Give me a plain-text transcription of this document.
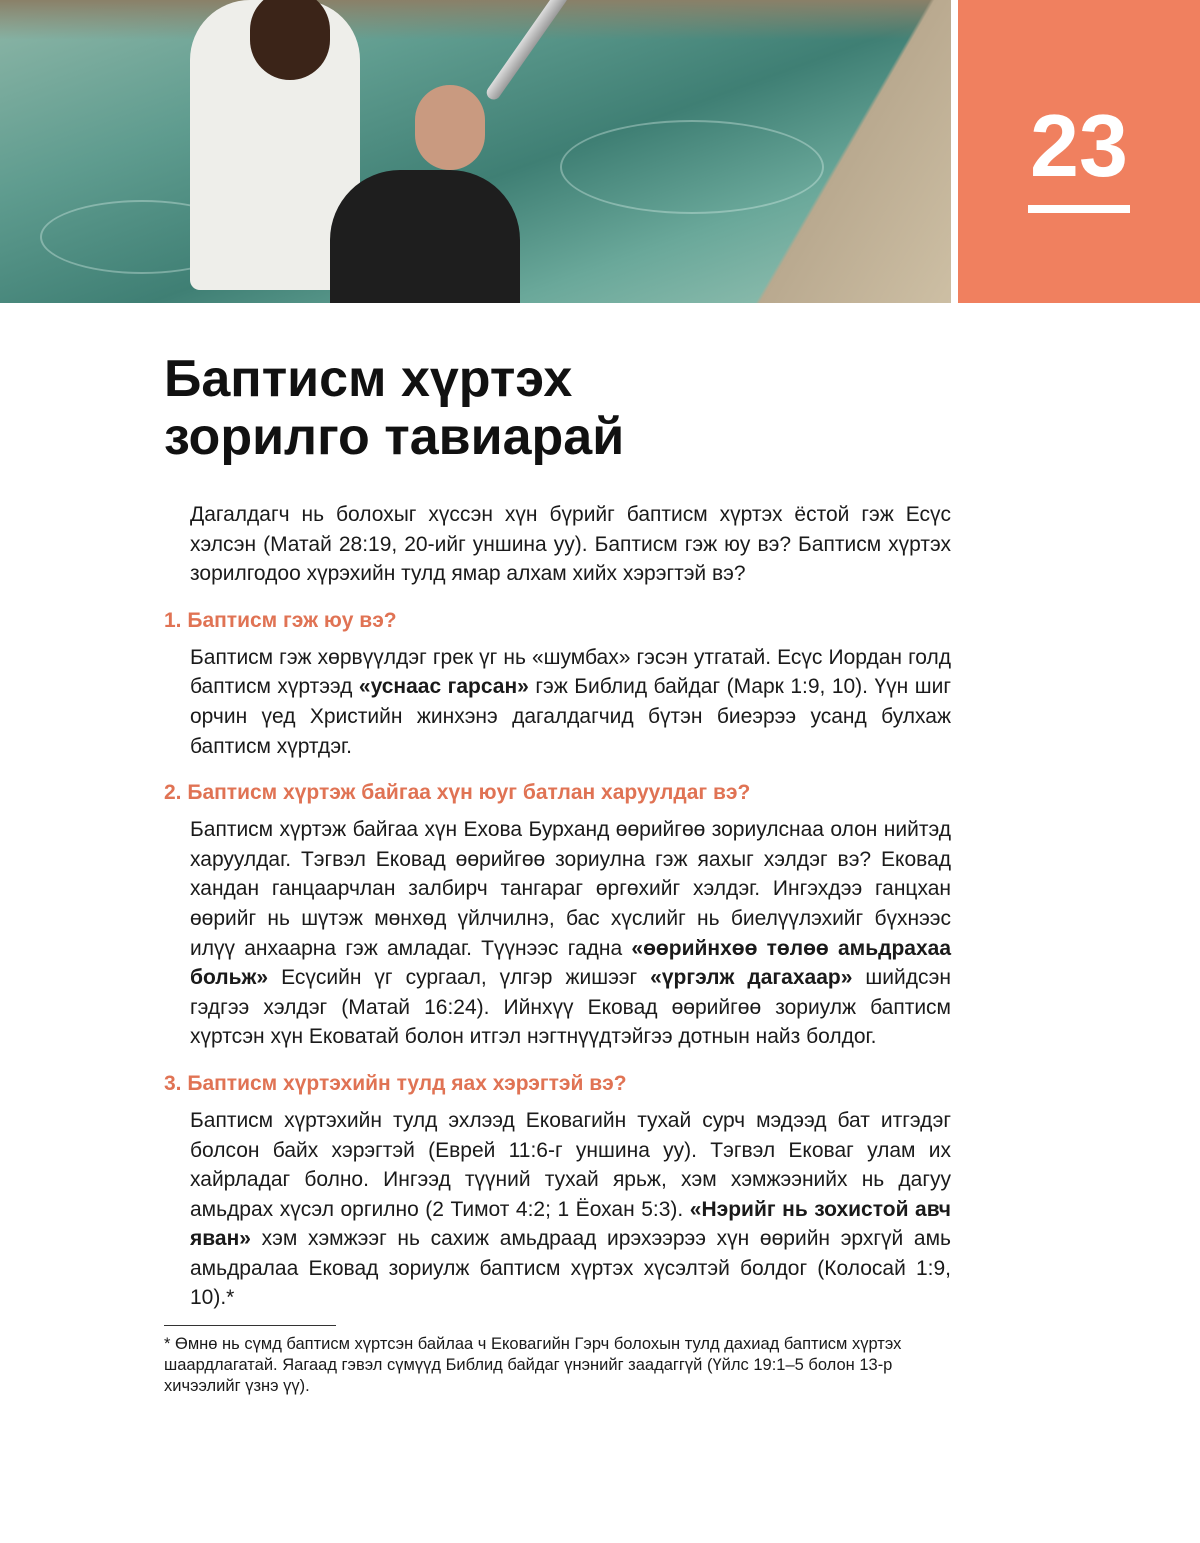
23
Баптисм хүртэх
зорилго тавиарай

Дагалдагч нь болохыг хүссэн хүн бүрийг баптисм хүртэх ёстой гэж Есүс хэлсэн (Матай 28:19, 20-ийг уншина уу). Баптисм гэж юу вэ? Баптисм хүртэх зорилгодоо хүрэхийн тулд ямар алхам хийх хэрэгтэй вэ?

1. Баптисм гэж юу вэ?

Баптисм гэж хөрвүүлдэг грек үг нь «шумбах» гэсэн утгатай. Есүс Иордан голд баптисм хүртээд «уснаас гарсан» гэж Библид байдаг (Марк 1:9, 10). Үүн шиг орчин үед Христийн жинхэнэ дагалдагчид бүтэн биеэрээ усанд булхаж баптисм хүртдэг.

2. Баптисм хүртэж байгаа хүн юуг батлан харуулдаг вэ?

Баптисм хүртэж байгаа хүн Ехова Бурханд өөрийгөө зориулснаа олон нийтэд харуулдаг. Тэгвэл Ековад өөрийгөө зориулна гэж яахыг хэлдэг вэ? Ековад хандан ганцаарчлан залбирч тангараг өргөхийг хэлдэг. Ингэхдээ ганцхан өөрийг нь шүтэж мөнхөд үйлчилнэ, бас хүслийг нь биелүүлэхийг бүхнээс илүү анхаарна гэж амладаг. Түүнээс гадна «өөрийнхөө төлөө амьдрахаа больж» Есүсийн үг сургаал, үлгэр жишээг «үргэлж дагахаар» шийдсэн гэдгээ хэлдэг (Матай 16:24). Ийнхүү Ековад өөрийгөө зориулж баптисм хүртсэн хүн Ековатай болон итгэл нэгтнүүдтэйгээ дотнын найз болдог.

3. Баптисм хүртэхийн тулд яах хэрэгтэй вэ?

Баптисм хүртэхийн тулд эхлээд Ековагийн тухай сурч мэдээд бат итгэдэг болсон байх хэрэгтэй (Еврей 11:6-г уншина уу). Тэгвэл Ековаг улам их хайрладаг болно. Ингээд түүний тухай ярьж, хэм хэмжээнийх нь дагуу амьдрах хүсэл оргилно (2 Тимот 4:2; 1 Ёохан 5:3). «Нэрийг нь зохистой авч яван» хэм хэмжээг нь сахиж амьдраад ирэхээрээ хүн өөрийн эрхгүй амь амьдралаа Ековад зориулж баптисм хүртэх хүсэлтэй болдог (Колосай 1:9, 10).*

* Өмнө нь сүмд баптисм хүртсэн байлаа ч Ековагийн Гэрч болохын тулд дахиад баптисм хүртэх шаардлагатай. Яагаад гэвэл сүмүүд Библид байдаг үнэнийг заадаггүй (Үйлс 19:1–5 болон 13-р хичээлийг үзнэ үү).
